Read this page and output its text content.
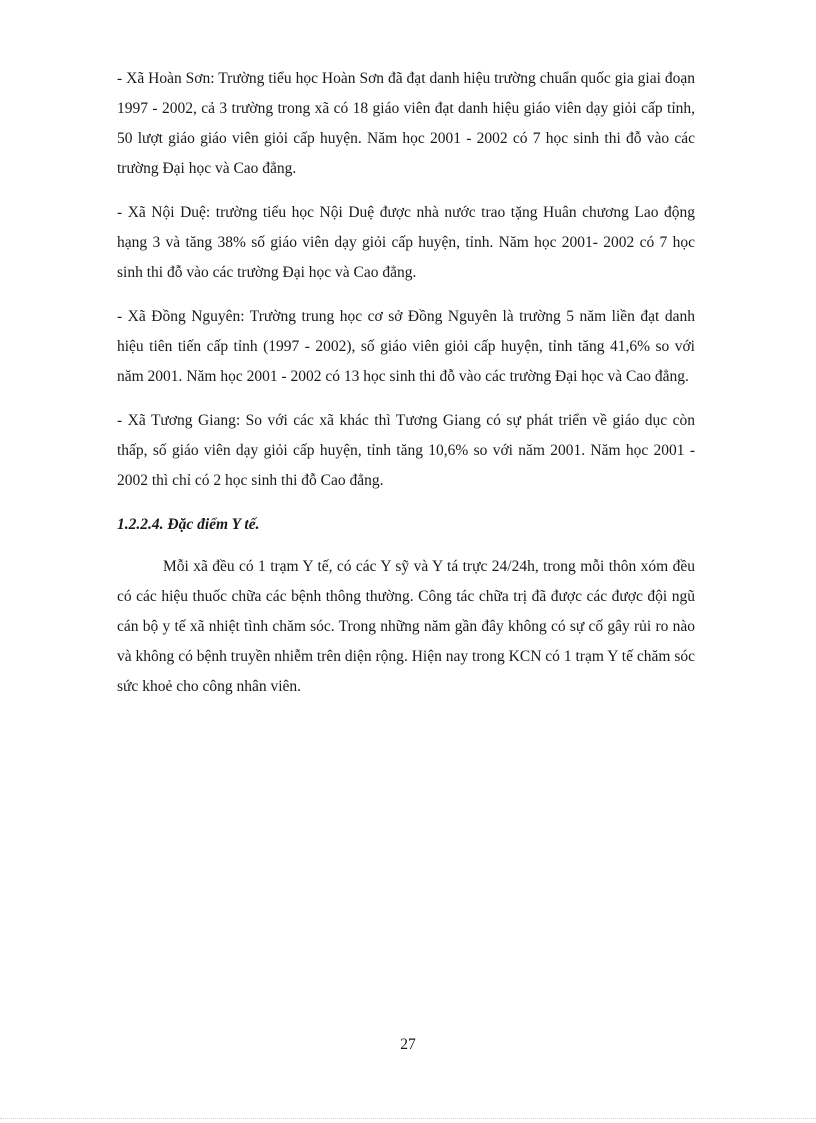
- Xã Hoàn Sơn: Trường tiểu học Hoàn Sơn đã đạt danh hiệu trường chuẩn quốc gia giai đoạn 1997 - 2002, cả 3 trường trong xã có 18 giáo viên đạt danh hiệu giáo viên dạy giỏi cấp tỉnh, 50 lượt giáo giáo viên giỏi cấp huyện. Năm học 2001 - 2002 có 7 học sinh thi đỗ vào các trường Đại học và Cao đẳng.

- Xã Nội Duệ: trường tiểu học Nội Duệ được nhà nước trao tặng Huân chương Lao động hạng 3 và tăng 38% số giáo viên dạy giỏi cấp huyện, tỉnh. Năm học 2001- 2002 có 7 học sinh thi đỗ vào các trường Đại học và Cao đẳng.

- Xã Đồng Nguyên: Trường trung học cơ sở Đồng Nguyên là trường 5 năm liền đạt danh hiệu tiên tiến cấp tỉnh (1997 - 2002), số giáo viên giỏi cấp huyện, tỉnh tăng 41,6% so với năm 2001. Năm học 2001 - 2002 có 13 học sinh thi đỗ vào các trường Đại học và Cao đẳng.

- Xã Tương Giang: So với các xã khác thì Tương Giang có sự phát triển về giáo dục còn thấp, số giáo viên dạy giỏi cấp huyện, tỉnh tăng 10,6% so với năm 2001. Năm học 2001 - 2002 thì chỉ có 2 học sinh thi đỗ Cao đẳng.

1.2.2.4. Đặc điểm Y tế.

Mỗi xã đều có 1 trạm Y tế, có các Y sỹ và Y tá trực 24/24h, trong mỗi thôn xóm đều có các hiệu thuốc chữa các bệnh thông thường. Công tác chữa trị đã được các được đội ngũ cán bộ y tế xã nhiệt tình chăm sóc. Trong những năm gần đây không có sự cố gây rủi ro nào và không có bệnh truyền nhiễm trên diện rộng. Hiện nay trong KCN có 1 trạm Y tế chăm sóc sức khoẻ cho công nhân viên.

27
